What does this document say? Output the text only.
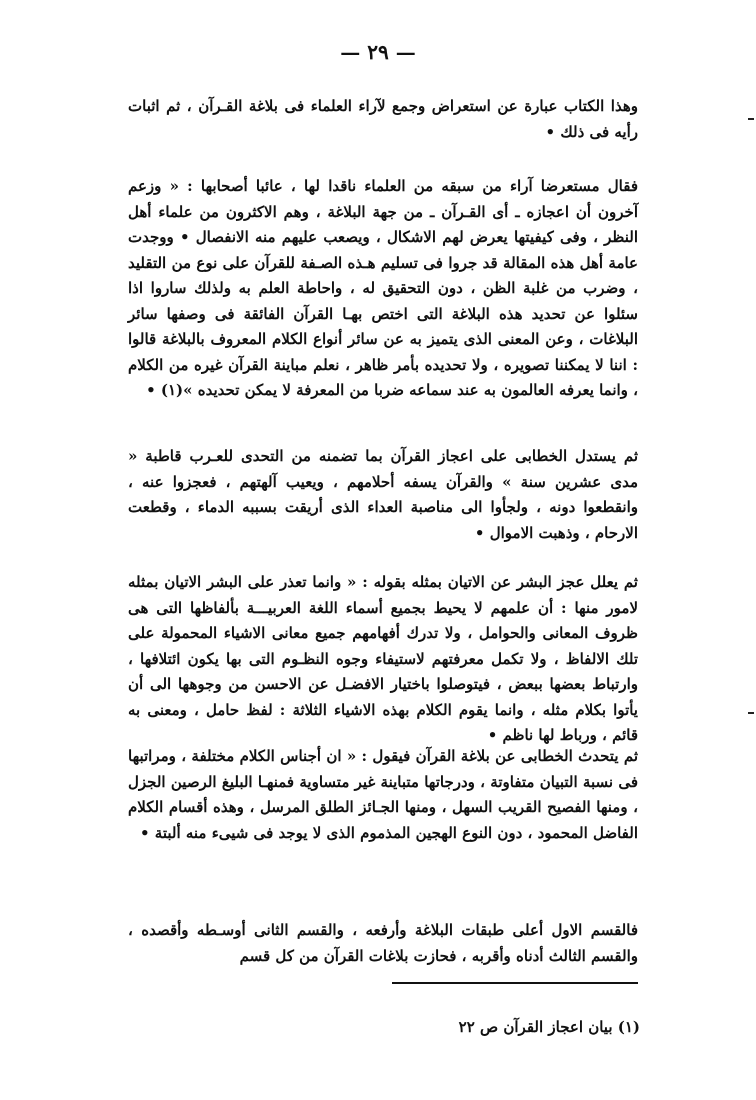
— ٢٩ —

وهذا الكتاب عبارة عن استعراض وجمع لآراء العلماء فى بلاغة القـرآن ، ثم اثبات رأيه فى ذلك •

فقال مستعرضا آراء من سبقه من العلماء ناقدا لها ، عائبا أصحابها : « وزعم آخرون أن اعجازه ـ أى القـرآن ـ من جهة البلاغة ، وهم الاكثرون من علماء أهل النظر ، وفى كيفيتها يعرض لهم الاشكال ، ويصعب عليهم منه الانفصال • ووجدت عامة أهل هذه المقالة قد جروا فى تسليم هـذه الصـفة للقرآن على نوع من التقليد ، وضرب من غلبة الظن ، دون التحقيق له ، واحاطة العلم به ولذلك ساروا اذا سئلوا عن تحديد هذه البلاغة التى اختص بهـا القرآن الفائقة فى وصفها سائر البلاغات ، وعن المعنى الذى يتميز به عن سائر أنواع الكلام المعروف بالبلاغة قالوا : اننا لا يمكننا تصويره ، ولا تحديده بأمر ظاهر ، نعلم مباينة القرآن غيره من الكلام ، وانما يعرفه العالمون به عند سماعه ضربا من المعرفة لا يمكن تحديده »(١) •

ثم يستدل الخطابى على اعجاز القرآن بما تضمنه من التحدى للعـرب قاطبة « مدى عشرين سنة » والقرآن يسفه أحلامهم ، ويعيب آلهتهم ، فعجزوا عنه ، وانقطعوا دونه ، ولجأوا الى مناصبة العداء الذى أريقت بسببه الدماء ، وقطعت الارحام ، وذهبت الاموال •

ثم يعلل عجز البشر عن الاتيان بمثله بقوله : « وانما تعذر على البشر الاتيان بمثله لامور منها : أن علمهم لا يحيط بجميع أسماء اللغة العربيـــة بألفاظها التى هى ظروف المعانى والحوامل ، ولا تدرك أفهامهم جميع معانى الاشياء المحمولة على تلك الالفاظ ، ولا تكمل معرفتهم لاستيفاء وجوه النظـوم التى بها يكون ائتلافها ، وارتباط بعضها ببعض ، فيتوصلوا باختيار الافضـل عن الاحسن من وجوهها الى أن يأتوا بكلام مثله ، وانما يقوم الكلام بهذه الاشياء الثلاثة : لفظ حامل ، ومعنى به قائم ، ورباط لها ناظم •

ثم يتحدث الخطابى عن بلاغة القرآن فيقول : « ان أجناس الكلام مختلفة ، ومراتبها فى نسبة التبيان متفاوتة ، ودرجاتها متباينة غير متساوية فمنهـا البليغ الرصين الجزل ، ومنها الفصيح القريب السهل ، ومنها الجـائز الطلق المرسل ، وهذه أقسام الكلام الفاضل المحمود ، دون النوع الهجين المذموم الذى لا يوجد فى شيىء منه ألبتة •

فالقسم الاول أعلى طبقات البلاغة وأرفعه ، والقسم الثانى أوسـطه وأقصده ، والقسم الثالث أدناه وأقربه ، فحازت بلاغات القرآن من كل قسم

(١) بيان اعجاز القرآن ص ٢٢
